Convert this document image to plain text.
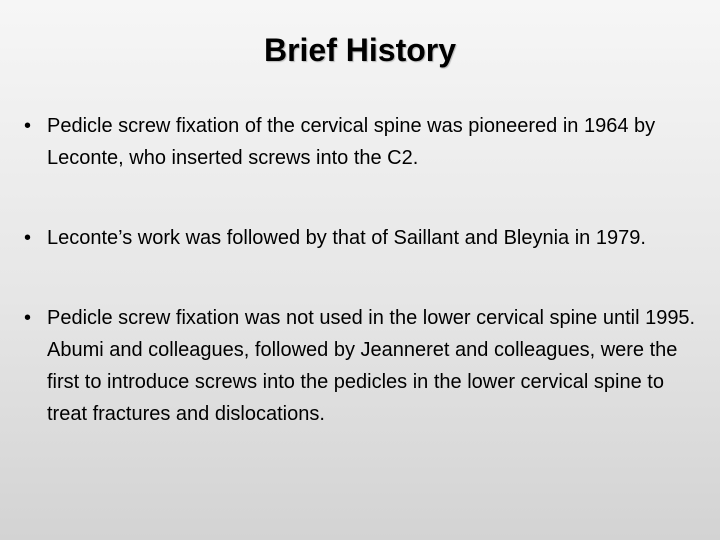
Brief History
• Pedicle screw fixation of the cervical spine was pioneered in 1964 by Leconte, who inserted screws into the C2.
• Leconte’s work was followed by that of Saillant and Bleynia in 1979.
• Pedicle screw fixation was not used in the lower cervical spine until 1995. Abumi and colleagues, followed by Jeanneret and colleagues, were the first to introduce screws into the pedicles in the lower cervical spine to treat fractures and dislocations.
